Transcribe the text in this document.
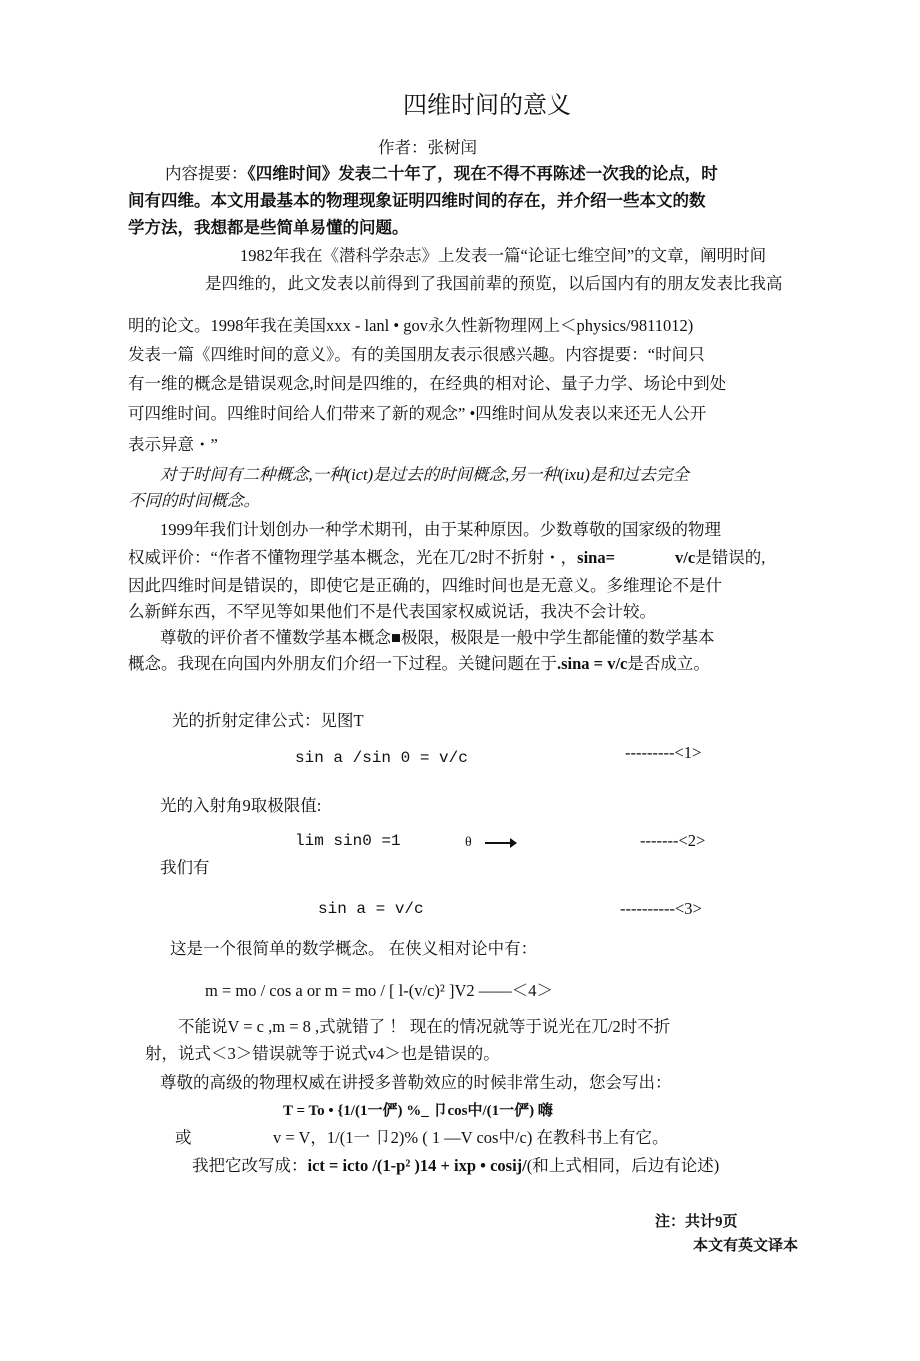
四维时间的意义
作者：张树闰
内容提要：《四维时间》发表二十年了，现在不得不再陈述一次我的论点，时
间有四维。本文用最基本的物理现象证明四维时间的存在，并介绍一些本文的数
学方法，我想都是些简单易懂的问题。
1982年我在《潜科学杂志》上发表一篇“论证七维空间”的文章，阐明时间
是四维的，此文发表以前得到了我国前辈的预览，以后国内有的朋友发表比我高
明的论文。1998年我在美国xxx - lanl • gov永久性新物理网上＜physics/9811012)
发表一篇《四维时间的意义》。有的美国朋友表示很感兴趣。内容提要：“时间只
有一维的概念是错误观念,时间是四维的，在经典的相对论、量子力学、场论中到处
可四维时间。四维时间给人们带来了新的观念” •四维时间从发表以来还无人公开
表示异意・”
对于时间有二种概念,一种(ict)是过去的时间概念,另一种(ixu)是和过去完全
不同的时间概念。
1999年我们计划创办一种学术期刊，由于某种原因。少数尊敬的国家级的物理
权威评价：“作者不懂物理学基本概念，光在兀/2时不折射・，sina=	v/c是错误的,
因此四维时间是错误的，即使它是正确的，四维时间也是无意义。多维理论不是什
么新鲜东西，不罕见等如果他们不是代表国家权威说话，我决不会计较。
尊敬的评价者不懂数学基本概念■极限，极限是一般中学生都能懂的数学基本
概念。我现在向国内外朋友们介绍一下过程。关键问题在于.sina = v/c是否成立。
光的折射定律公式：见图T
sin a /sin 0 = v/c	---------<1>
光的入射角9取极限值:
lim sin0 =1	θ	-------<2>
我们有
sin a = v/c	----------<3>
这是一个很简单的数学概念。 在侠义相对论中有：
m = mo / cos a or m = mo / [ l-(v/c)² ]V2 ——＜4＞
不能说V = c ,m = 8 ,式就错了 ！ 现在的情况就等于说光在兀/2时不折
射，说式＜3＞错误就等于说式v4＞也是错误的。
尊敬的高级的物理权威在讲授多普勒效应的时候非常生动，您会写出：
T = To • {1/(1一俨) %_ 卩cos中/(1一俨) 嗨
或	v = V，1/(1一 卩2)% ( 1 —V cos中/c) 在教科书上有它。
我把它改写成：ict = icto /(1-p² )14 + ixp • cosij/(和上式相同，后边有论述)
注：共计9页
本文有英文译本
